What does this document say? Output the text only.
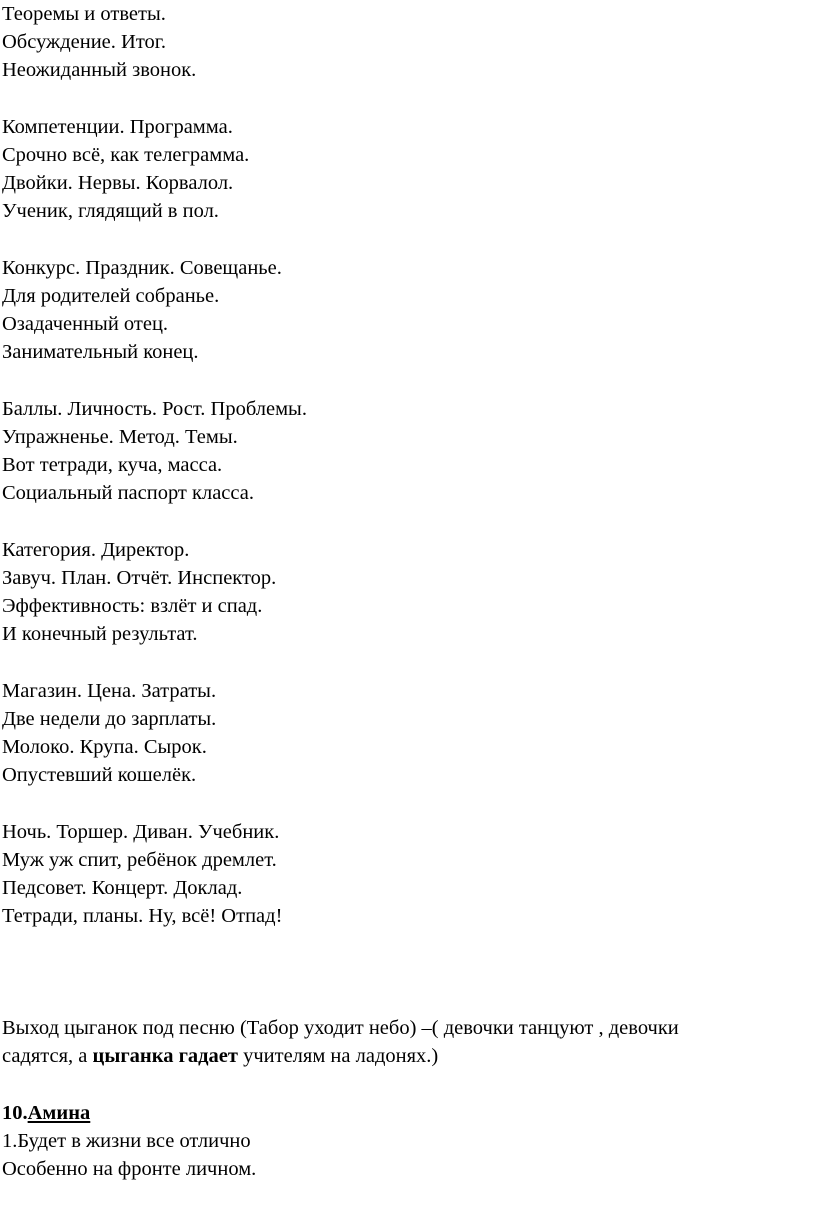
Теоремы и ответы.
Обсуждение. Итог.
Неожиданный звонок.
Компетенции. Программа.
Срочно всё, как телеграмма.
Двойки. Нервы. Корвалол.
Ученик, глядящий в пол.
Конкурс. Праздник. Совещанье.
Для родителей собранье.
Озадаченный отец.
Занимательный конец.
Баллы. Личность. Рост. Проблемы.
Упражненье. Метод. Темы.
Вот тетради, куча, масса.
Социальный паспорт класса.
Категория. Директор.
Завуч. План. Отчёт. Инспектор.
Эффективность: взлёт и спад.
И конечный результат.
Магазин. Цена. Затраты.
Две недели до зарплаты.
Молоко. Крупа. Сырок.
Опустевший кошелёк.
Ночь. Торшер. Диван. Учебник.
Муж уж спит, ребёнок дремлет.
Педсовет. Концерт. Доклад.
Тетради, планы. Ну, всё! Отпад!
Выход цыганок под песню (Табор уходит небо) –( девочки танцуют , девочки
садятся, а цыганка гадает учителям на ладонях.)
10.Амина
1.Будет в жизни все отлично
Особенно на фронте личном.
